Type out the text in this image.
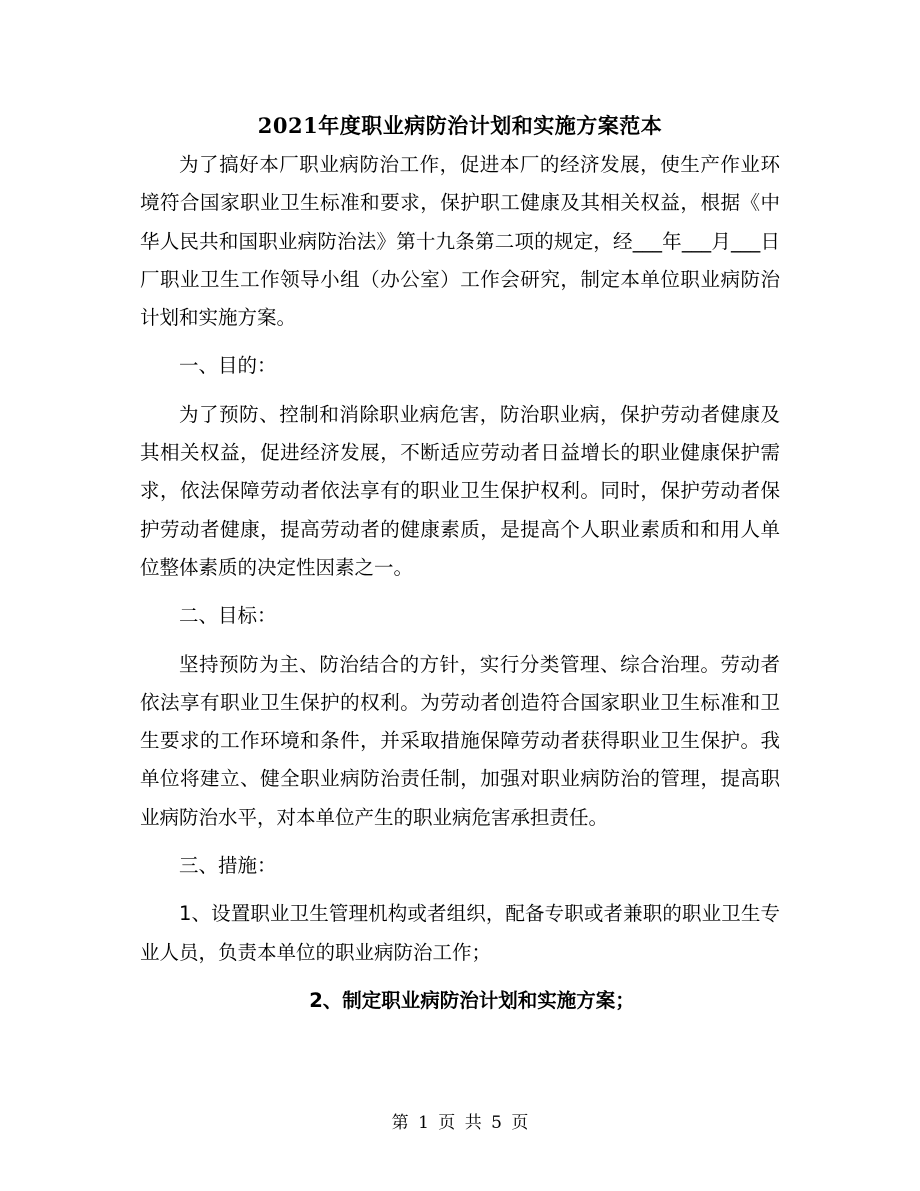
2021年度职业病防治计划和实施方案范本

为了搞好本厂职业病防治工作，促进本厂的经济发展，使生产作业环境符合国家职业卫生标准和要求，保护职工健康及其相关权益，根据《中华人民共和国职业病防治法》第十九条第二项的规定，经___年___月___日厂职业卫生工作领导小组（办公室）工作会研究，制定本单位职业病防治计划和实施方案。

一、目的：

为了预防、控制和消除职业病危害，防治职业病，保护劳动者健康及其相关权益，促进经济发展，不断适应劳动者日益增长的职业健康保护需求，依法保障劳动者依法享有的职业卫生保护权利。同时，保护劳动者保护劳动者健康，提高劳动者的健康素质，是提高个人职业素质和和用人单位整体素质的决定性因素之一。

二、目标：

坚持预防为主、防治结合的方针，实行分类管理、综合治理。劳动者依法享有职业卫生保护的权利。为劳动者创造符合国家职业卫生标准和卫生要求的工作环境和条件，并采取措施保障劳动者获得职业卫生保护。我单位将建立、健全职业病防治责任制，加强对职业病防治的管理，提高职业病防治水平，对本单位产生的职业病危害承担责任。

三、措施：

1、设置职业卫生管理机构或者组织，配备专职或者兼职的职业卫生专业人员，负责本单位的职业病防治工作；

2、制定职业病防治计划和实施方案；

第 1 页 共 5 页
